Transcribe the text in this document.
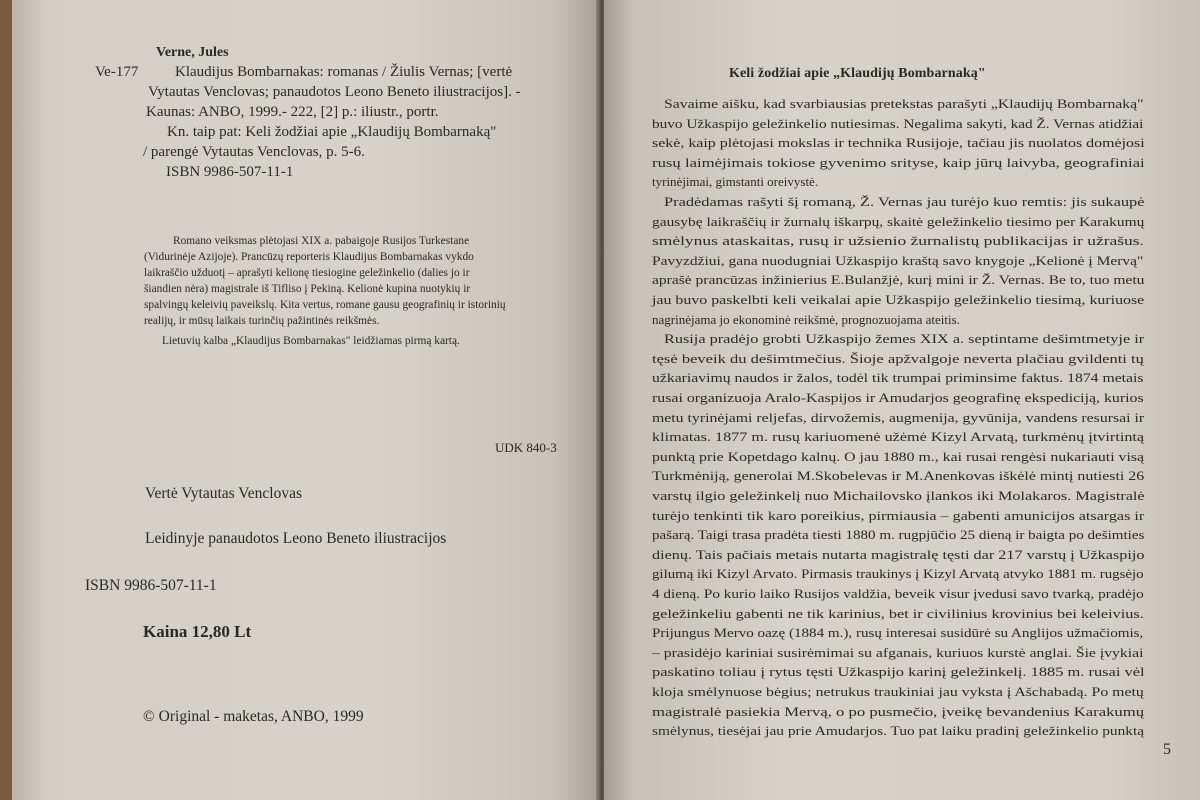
Verne, Jules
Ve-177 Klaudijus Bombarnakas: romanas / Žiulis Vernas; [vertė
Vytautas Venclovas; panaudotos Leono Beneto iliustracijos]. -
Kaunas: ANBO, 1999.- 222, [2] p.: iliustr., portr.
Kn. taip pat: Keli žodžiai apie „Klaudijų Bombarnaką"
/ parengė Vytautas Venclovas, p. 5-6.
ISBN 9986-507-11-1
Romano veiksmas plėtojasi XIX a. pabaigoje Rusijos Turkestane
(Vidurinėje Azijoje). Prancūzų reporteris Klaudijus Bombarnakas vykdo
laikraščio užduotį – aprašyti kelionę tiesiogine geležinkelio (dalies jo ir
šiandien nėra) magistrale iš Tifliso į Pekiną. Kelionė kupina nuotykių ir
spalvingų keleivių paveikslų. Kita vertus, romane gausu geografinių ir istorinių
realijų, ir mūsų laikais turinčių pažintinės reikšmės.
Lietuvių kalba „Klaudijus Bombarnakas" leidžiamas pirmą kartą.
UDK 840-3
Vertė Vytautas Venclovas
Leidinyje panaudotos Leono Beneto iliustracijos
ISBN 9986-507-11-1
Kaina 12,80 Lt
© Original - maketas, ANBO, 1999
Keli žodžiai apie „Klaudijų Bombarnaką"
Savaime aišku, kad svarbiausias pretekstas parašyti „Klaudijų Bombarnaką"
buvo Užkaspijo geležinkelio nutiesimas. Negalima sakyti, kad Ž. Vernas atidžiai
sekė, kaip plėtojasi mokslas ir technika Rusijoje, tačiau jis nuolatos domėjosi
rusų laimėjimais tokiose gyvenimo srityse, kaip jūrų laivyba, geografiniai
tyrinėjimai, gimstanti oreivystė.
Pradėdamas rašyti šį romaną, Ž. Vernas jau turėjo kuo remtis: jis sukaupė
gausybę laikraščių ir žurnalų iškarpų, skaitė geležinkelio tiesimo per Karakumų
smėlynus ataskaitas, rusų ir užsienio žurnalistų publikacijas ir užrašus.
Pavyzdžiui, gana nuodugniai Užkaspijo kraštą savo knygoje „Kelionė į Mervą"
aprašė prancūzas inžinierius E.Bulanžjė, kurį mini ir Ž. Vernas. Be to, tuo metu
jau buvo paskelbti keli veikalai apie Užkaspijo geležinkelio tiesimą, kuriuose
nagrinėjama jo ekonominė reikšmė, prognozuojama ateitis.
Rusija pradėjo grobti Užkaspijo žemes XIX a. septintame dešimtmetyje ir
tęsė beveik du dešimtmečius. Šioje apžvalgoje neverta plačiau gvildenti tų
užkariavimų naudos ir žalos, todėl tik trumpai priminsime faktus. 1874 metais
rusai organizuoja Aralo-Kaspijos ir Amudarjos geografinę ekspediciją, kurios
metu tyrinėjami reljefas, dirvožemis, augmenija, gyvūnija, vandens resursai ir
klimatas. 1877 m. rusų kariuomenė užėmė Kizyl Arvatą, turkmėnų įtvirtintą
punktą prie Kopetdago kalnų. O jau 1880 m., kai rusai rengėsi nukariauti visą
Turkmėniją, generolai M.Skobelevas ir M.Anenkovas iškėlė mintį nutiesti 26
varstų ilgio geležinkelį nuo Michailovsko įlankos iki Molakaros. Magistralė
turėjo tenkinti tik karo poreikius, pirmiausia – gabenti amunicijos atsargas ir
pašarą. Taigi trasa pradėta tiesti 1880 m. rugpjūčio 25 dieną ir baigta po dešimties
dienų. Tais pačiais metais nutarta magistralę tęsti dar 217 varstų į Užkaspijo
gilumą iki Kizyl Arvato. Pirmasis traukinys į Kizyl Arvatą atvyko 1881 m. rugsėjo
4 dieną. Po kurio laiko Rusijos valdžia, beveik visur įvedusi savo tvarką, pradėjo
geležinkeliu gabenti ne tik karinius, bet ir civilinius krovinius bei keleivius.
Prijungus Mervo oazę (1884 m.), rusų interesai susidūrė su Anglijos užmačiomis,
– prasidėjo kariniai susirėmimai su afganais, kuriuos kurstė anglai. Šie įvykiai
paskatino toliau į rytus tęsti Užkaspijo karinį geležinkelį. 1885 m. rusai vėl
kloja smėlynuose bėgius; netrukus traukiniai jau vyksta į Ašchabadą. Po metų
magistralė pasiekia Mervą, o po pusmečio, įveikę bevandenius Karakumų
smėlynus, tiesėjai jau prie Amudarjos. Tuo pat laiku pradinį geležinkelio punktą
5
